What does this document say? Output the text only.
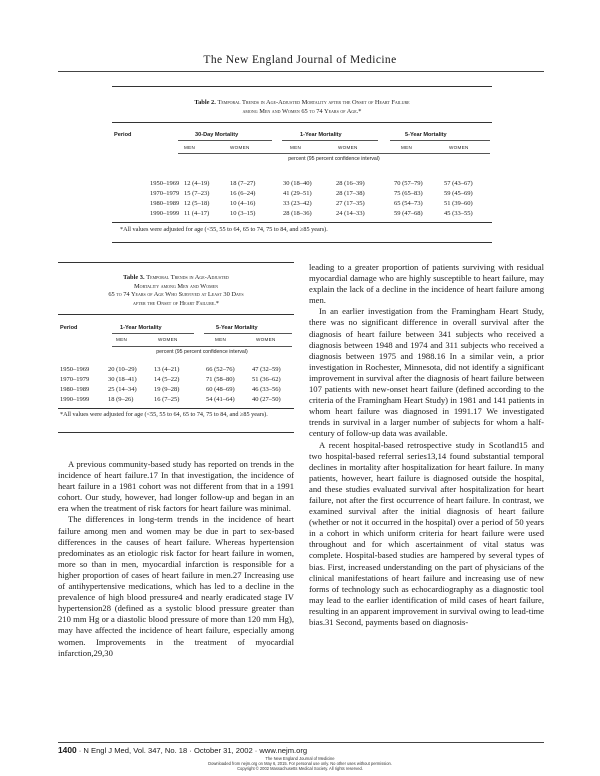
The New England Journal of Medicine
Table 2. Temporal Trends in Age-Adjusted Mortality after the Onset of Heart Failure
among Men and Women 65 to 74 Years of Age.*
Period	30-Day Mortality	1-Year Mortality	5-Year Mortality
MEN	WOMEN	MEN	WOMEN	MEN	WOMEN
percent (95 percent confidence interval)
1950–1969 12 (4–19)	18 (7–27)	30 (18–40)	28 (16–39)	70 (57–79)	57 (43–67)
1970–1979 15 (7–23)	16 (6–24)	41 (29–51)	28 (17–38)	75 (65–83)	59 (45–69)
1980–1989 12 (5–18)	10 (4–16)	33 (23–42)	27 (17–35)	65 (54–73)	51 (39–60)
1990–1999 11 (4–17)	10 (3–15)	28 (18–36)	24 (14–33)	59 (47–68)	45 (33–55)
*All values were adjusted for age (<55, 55 to 64, 65 to 74, 75 to 84, and ≥85 years).
Table 3. Temporal Trends in Age-Adjusted
Mortality among Men and Women
65 to 74 Years of Age Who Survived at Least 30 Days
after the Onset of Heart Failure.*
Period	1-Year Mortality	5-Year Mortality
MEN	WOMEN	MEN	WOMEN
percent (95 percent confidence interval)
1950–1969	20 (10–29)	13 (4–21)	66 (52–76)	47 (32–59)
1970–1979	30 (18–41)	14 (5–22)	71 (58–80)	51 (36–62)
1980–1989	25 (14–34)	19 (9–28)	60 (48–69)	46 (33–56)
1990–1999	18 (9–26)	16 (7–25)	54 (41–64)	40 (27–50)
*All values were adjusted for age (<55, 55 to 64, 65 to 74, 75 to 84, and ≥85 years).

A previous community-based study has reported on trends in the incidence of heart failure.17 In that investigation, the incidence of heart failure in a 1981 cohort was not different from that in a 1991 cohort. Our study, however, had longer follow-up and began in an era when the treatment of risk factors for heart failure was minimal.

The differences in long-term trends in the incidence of heart failure among men and women may be due in part to sex-based differences in the causes of heart failure. Whereas hypertension predominates as an etiologic risk factor for heart failure in women, more so than in men, myocardial infarction is responsible for a higher proportion of cases of heart failure in men.27 Increasing use of antihypertensive medications, which has led to a decline in the prevalence of high blood pressure4 and nearly eradicated stage IV hypertension28 (defined as a systolic blood pressure greater than 210 mm Hg or a diastolic blood pressure of more than 120 mm Hg), may have affected the incidence of heart failure, especially among women. Improvements in the treatment of myocardial infarction,29,30

leading to a greater proportion of patients surviving with residual myocardial damage who are highly susceptible to heart failure, may explain the lack of a decline in the incidence of heart failure among men.

In an earlier investigation from the Framingham Heart Study, there was no significant difference in overall survival after the diagnosis of heart failure between 341 subjects who received a diagnosis between 1948 and 1974 and 311 subjects who received a diagnosis between 1975 and 1988.16 In a similar vein, a prior investigation in Rochester, Minnesota, did not identify a significant improvement in survival after the diagnosis of heart failure between 107 patients with new-onset heart failure (defined according to the criteria of the Framingham Heart Study) in 1981 and 141 patients in whom heart failure was diagnosed in 1991.17 We investigated trends in survival in a larger number of subjects for whom a half-century of follow-up data was available.

A recent hospital-based retrospective study in Scotland15 and two hospital-based referral series13,14 found substantial temporal declines in mortality after hospitalization for heart failure. In many patients, however, heart failure is diagnosed outside the hospital, and these studies evaluated survival after hospitalization for heart failure, not after the first occurrence of heart failure. In contrast, we examined survival after the initial diagnosis of heart failure (whether or not it occurred in the hospital) over a period of 50 years in a cohort in which uniform criteria for heart failure were used throughout and for which ascertainment of vital status was complete. Hospital-based studies are hampered by several types of bias. First, increased understanding on the part of physicians of the clinical manifestations of heart failure and increasing use of new forms of technology such as echocardiography as a diagnostic tool may lead to the earlier identification of mild cases of heart failure, resulting in an apparent improvement in survival owing to lead-time bias.31 Second, payments based on diagnosis-

1400 · N Engl J Med, Vol. 347, No. 18 · October 31, 2002 · www.nejm.org
The New England Journal of Medicine
Downloaded from nejm.org on May 6, 2015. For personal use only. No other uses without permission.
Copyright © 2002 Massachusetts Medical Society. All rights reserved.
